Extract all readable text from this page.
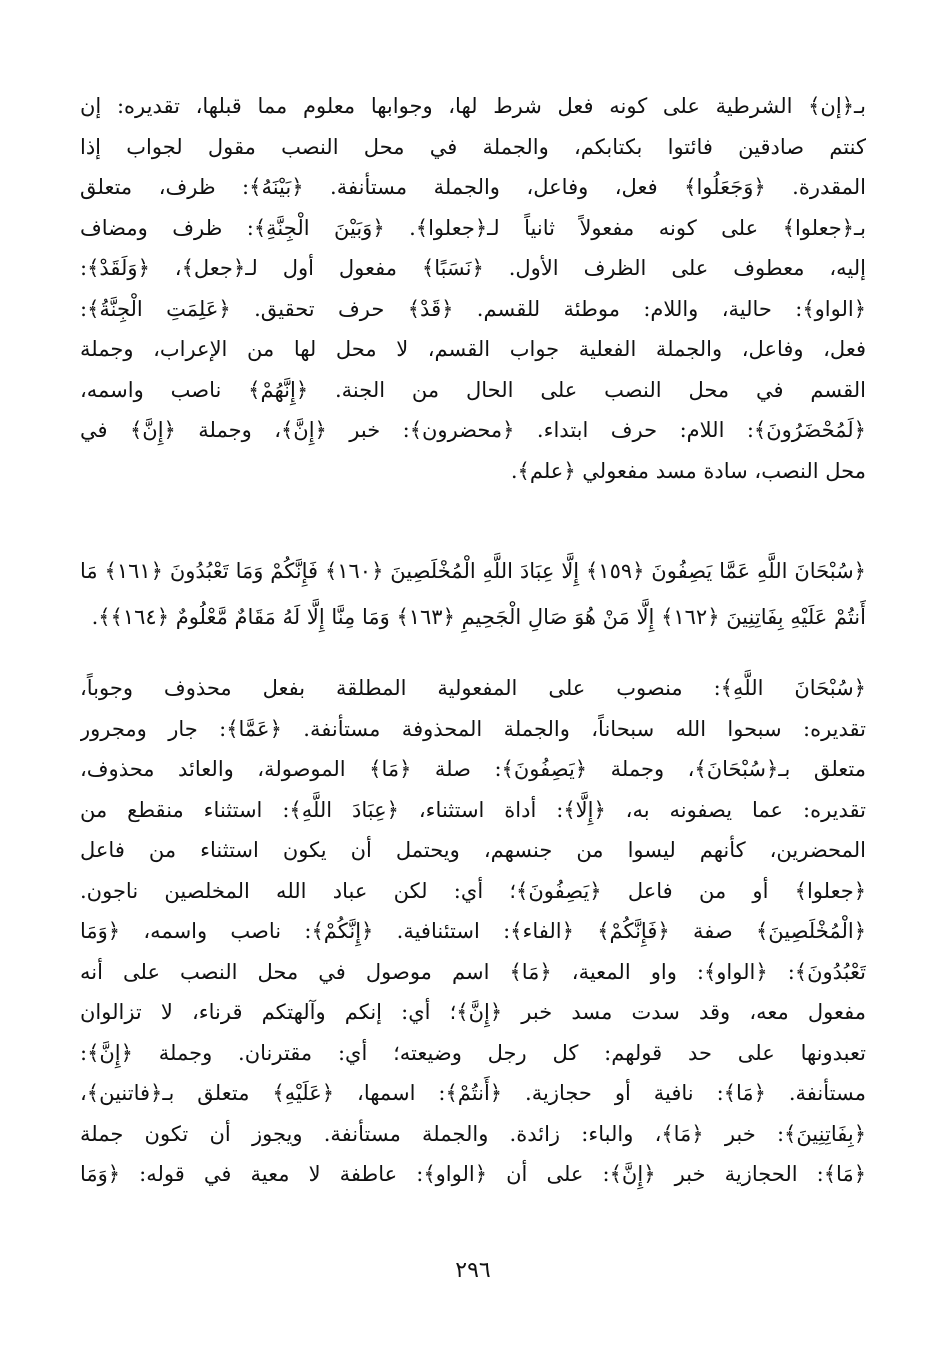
بـ﴿إن﴾ الشرطية على كونه فعل شرط لها، وجوابها معلوم مما قبلها، تقديره: إن
كنتم صادقين فائتوا بكتابكم، والجملة في محل النصب مقول لجواب إذا
المقدرة. ﴿وَجَعَلُوا﴾ فعل، وفاعل، والجملة مستأنفة. ﴿بَيْنَهُ﴾: ظرف، متعلق
بـ﴿جعلوا﴾ على كونه مفعولاً ثانياً لـ﴿جعلوا﴾. ﴿وَبَيْنَ الْجِنَّةِ﴾: ظرف ومضاف
إليه، معطوف على الظرف الأول. ﴿نَسَبًا﴾ مفعول أول لـ﴿جعل﴾، ﴿وَلَقَدْ﴾:
﴿الواو﴾: حالية، واللام: موطئة للقسم. ﴿قَدْ﴾ حرف تحقيق. ﴿عَلِمَتِ الْجِنَّةُ﴾:
فعل، وفاعل، والجملة الفعلية جواب القسم، لا محل لها من الإعراب، وجملة
القسم في محل النصب على الحال من الجنة. ﴿إِنَّهُمْ﴾ ناصب واسمه،
﴿لَمُحْضَرُونَ﴾: اللام: حرف ابتداء. ﴿محضرون﴾: خبر ﴿إِنَّ﴾، وجملة ﴿إِنَّ﴾ في
محل النصب، سادة مسد مفعولي ﴿علم﴾.
﴿سُبْحَانَ اللَّهِ عَمَّا يَصِفُونَ ﴿١٥٩﴾ إِلَّا عِبَادَ اللَّهِ الْمُخْلَصِينَ ﴿١٦٠﴾ فَإِنَّكُمْ وَمَا تَعْبُدُونَ ﴿١٦١﴾ مَا
أَنتُمْ عَلَيْهِ بِفَاتِنِينَ ﴿١٦٢﴾ إِلَّا مَنْ هُوَ صَالِ الْجَحِيمِ ﴿١٦٣﴾ وَمَا مِنَّا إِلَّا لَهُ مَقَامٌ مَّعْلُومٌ ﴿١٦٤﴾﴾.
﴿سُبْحَانَ اللَّهِ﴾: منصوب على المفعولية المطلقة بفعل محذوف وجوباً،
تقديره: سبحوا الله سبحاناً، والجملة المحذوفة مستأنفة. ﴿عَمَّا﴾: جار ومجرور
متعلق بـ﴿سُبْحَانَ﴾، وجملة ﴿يَصِفُونَ﴾: صلة ﴿مَا﴾ الموصولة، والعائد محذوف،
تقديره: عما يصفونه به، ﴿إِلَّا﴾: أداة استثناء، ﴿عِبَادَ اللَّهِ﴾: استثناء منقطع من
المحضرين، كأنهم ليسوا من جنسهم، ويحتمل أن يكون استثناء من فاعل
﴿جعلوا﴾ أو من فاعل ﴿يَصِفُونَ﴾؛ أي: لكن عباد الله المخلصين ناجون.
﴿الْمُخْلَصِينَ﴾ صفة ﴿فَإِنَّكُمْ﴾ ﴿الفاء﴾: استئنافية. ﴿إِنَّكُمْ﴾: ناصب واسمه، ﴿وَمَا
تَعْبُدُونَ﴾: ﴿الواو﴾: واو المعية، ﴿مَا﴾ اسم موصول في محل النصب على أنه
مفعول معه، وقد سدت مسد خبر ﴿إِنَّ﴾؛ أي: إنكم وآلهتكم قرناء، لا تزالوان
تعبدونها على حد قولهم: كل رجل وضيعته؛ أي: مقترنان. وجملة ﴿إِنَّ﴾:
مستأنفة. ﴿مَا﴾: نافية أو حجازية. ﴿أَنتُمْ﴾: اسمها، ﴿عَلَيْهِ﴾ متعلق بـ﴿فاتنين﴾،
﴿بِفَاتِنِينَ﴾: خبر ﴿مَا﴾، والباء: زائدة. والجملة مستأنفة. ويجوز أن تكون جملة
﴿مَا﴾: الحجازية خبر ﴿إِنَّ﴾: على أن ﴿الواو﴾: عاطفة لا معية في قوله: ﴿وَمَا
٢٩٦
